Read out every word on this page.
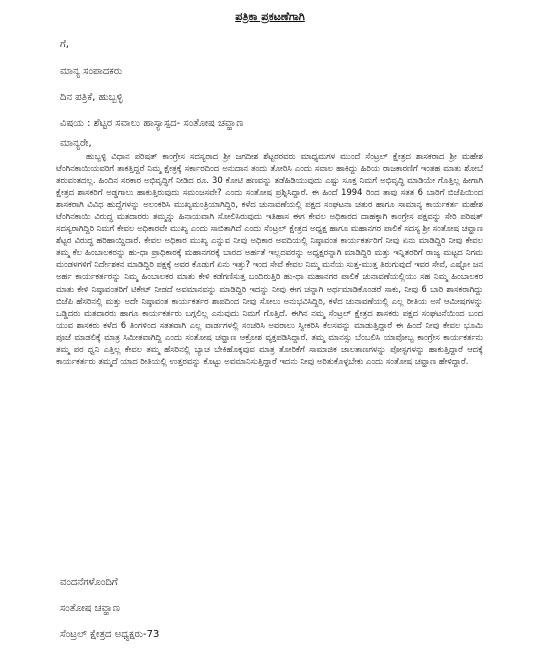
ಪತ್ರಿಕಾ ಪ್ರಕಟಣೆಗಾಗಿ
ಗೆ,
ಮಾನ್ಯ ಸಂಪಾದಕರು
ದಿನ ಪತ್ರಿಕೆ, ಹುಬ್ಬಳ್ಳಿ
ವಿಷಯ : ಶೆಟ್ಟರ ಸವಾಲು ಹಾಸ್ಯಾಸ್ಪದ- ಸಂತೋಷ ಚವ್ಹಾಣ
ಮಾನ್ಯರೇ,
ಹುಬ್ಬಳ್ಳಿ ವಿಧಾನ ಪರಿಷತ್ ಕಾಂಗ್ರೇಸ ಸದಸ್ಯರಾದ ಶ್ರೀ ಜಗದೀಶ ಶೆಟ್ಟರರವರು ಮಾಧ್ಯಮಗಳ ಮುಂದೆ ಸೆಂಟ್ರಲ್ ಕ್ಷೇತ್ರದ ಶಾಸಕರಾದ ಶ್ರೀ ಮಹೇಶ ಟೆಂಗಿನಕಾಯಿಯವರಿಗೆ ತಾಕತ್ತಿದ್ದರೆ ನಿಮ್ಮ ಕ್ಷೇತ್ರಕ್ಕೆ ಸರ್ಕಾರದಿಂದ ಅನುದಾನ ತಂದು ತೋರಿಸಿ ಎಂದು ಸವಾಲ ಹಾಕಿದ್ದು ಹಿರಿಯ ರಾಜಕಾರಣಿಗೆ ಇಂತಹ ಮಾತು ಶೋಬೆ ತರುವಂತದಲ್ಲ. ಹಿಂದಿನ ಸರಕಾರ ಅಭಿವೃದ್ಧಿಗೆ ನೀಡಿದ ರೂ. 30 ಕೋಟಿ ಹಣವನ್ನು ತಡೆಹಿಡಿಯುವುದು ಎಷ್ಟು ಸೂಕ್ತ ನಿಮಗೆ ಅಭಿವೃದ್ಧಿ ಮಾಡಿಯೇ ಗೊತ್ತಿಲ್ಲ ಹೀಗಾಗಿ ಕ್ಷೇತ್ರದ ಶಾಸಕರಿಗೆ ಅಡ್ಡಗಾಲು ಹಾಕುತ್ತಿರುವುದು ಸಮಂಜಸವೇ? ಎಂದು ಸಂತೋಷ ಪ್ರಶ್ನಿಸಿದ್ದಾರೆ. ಈ ಹಿಂದೆ 1994 ರಿಂದ ತಾವು ಸತತ 6 ಬಾರಿಗೆ ಬಿಜೆಪಿಯಿಂದ ಶಾಸಕರಾಗಿ ವಿವಿಧ ಹುದ್ದೆಗಳನ್ನು ಅಲಂಕರಿಸಿ ಮುಖ್ಯಮಂತ್ರಿಯಾಗಿದ್ದಿರಿ, ಕಳೆದ ಚುನಾವಣೆಯಲ್ಲಿ ಪಕ್ಷದ ಸಂಘಟನಾ ಚತುರ ಹಾಗೂ ಸಾಮಾನ್ಯ ಕಾರ್ಯಕರ್ತ ಮಹೇಶ ಟೆಂಗಿನಕಾಯಿ ವಿರುದ್ಧ ಮತದಾರರು ತಮ್ಮನ್ನು ಹಿನಾಯವಾಗಿ ಸೋಲಿಸಿರುವುದು ಇತಿಹಾಸ ಈಗ ಕೇವಲ ಅಧಿಕಾರದ ದಾಹಕ್ಕಾಗಿ ಕಾಂಗ್ರೇಸ ಪಕ್ಷವನ್ನು ಸೇರಿ ಪರಿಷತ್ ಸದಸ್ಯರಾಗಿದ್ದಿರಿ ನಿಮಗೆ ಕೇವಲ ಅಧಿಕಾರವೇ ಮುಖ್ಯ ಎಂದು ಸಾಬಿತಾಗಿದೆ ಎಂದು ಸೆಂಟ್ರಲ್ ಕ್ಷೇತ್ರದ ಅಧ್ಯಕ್ಷ ಹಾಗೂ ಮಹಾನಗರ ಪಾಲಿಕೆ ಸದಸ್ಯ ಶ್ರೀ ಸಂತೋಷ ಚವ್ಹಾಣ ಶೆಟ್ಟರ ವಿರುದ್ಧ ಹರಿಹಾಯ್ದಿದಾರೆ. ಕೇವಲ ಅಧಿಕಾರ ಮುಖ್ಯ ಎನ್ನುವ ನೀವು ಅಧಿಕಾರ ಅವದಿಯಲ್ಲಿ ನಿಷ್ಠಾವಂತ ಕಾರ್ಯಕರ್ತರಿಗೆ ನೀವು ಏನು ಮಾಡಿದ್ದಿರಿ ನೀವು ಕೇವಲ ತಮ್ಮ ಕೆಲ ಹಿಂಬಾಲಕರನ್ನು ಹು-ಧಾ ಪ್ರಾಧಿಕಾರಕ್ಕೆ ಮಹಾನಗರಕ್ಕೆ ಬಾರದ ಅರ್ಹತೆ ಇಲ್ಲದವರನ್ನು ಅಧ್ಯಕ್ಷರನ್ನಾಗಿ ಮಾಡಿದ್ದಿರಿ ಮತ್ತು ಇನ್ನಿತರರಿಗೆ ರಾಜ್ಯ ಮಟ್ಟದ ನಿಗಮ ಮಂಡಳಗಳಿಗೆ ನಿರ್ದೇಶಕನ ಮಾಡಿದ್ದಿರಿ ಪಕ್ಷಕ್ಕೆ ಅವರ ಕೊಡುಗೆ ಏನು ಇತ್ತು? ಇಂದ ಸೇವೆ ಕೇವಲ ನಿಮ್ಮ ಮನೆಯ ಸುತ್ತ-ಮುತ್ತ ತಿರುಗುವುದೆ ಇವರ ಸೇವೆ, ಎಷ್ಟೋ ಜನ ಅರ್ಹ ಕಾರ್ಯಕರ್ತರನ್ನು ನಿಮ್ಮ ಹಿಂಬಾಲಕರ ಮಾತು ಕೇಳಿ ಕಡೆಗಣಿಸುತ್ತ ಬಂದಿರುತ್ತಿರಿ ಹು-ಧಾ ಮಹಾನಗರ ಪಾಲಿಕೆ ಚುನಾವಣೆಯಲ್ಲಿಯು ಸಹ ನಿಮ್ಮ ಹಿಂಬಾಲಕರ ಮಾತು ಕೇಳಿ ನಿಷ್ಠಾವಂತರಿಗೆ ಟಿಕೇಟ್ ನೀಡದೆ ಅವಮಾನವನ್ನು ಮಾಡಿದ್ದಿರಿ ಇದನ್ನು ನೀವು ಈಗ ಚನ್ನಾಗಿ ಅರ್ಥಮಾಡಿಕೊಂಡರೆ ಸಾಕು, ನೀವು 6 ಬಾರಿ ಶಾಸಕರಾಗಿದ್ದು ಬಿಜೆಪಿ ಹೆಸರಿನಲ್ಲಿ ಮತ್ತು ಅದೇ ನಿಷ್ಠಾವಂತ ಕಾರ್ಯಕರ್ತರ ಶಾಪದಿಂದ ನೀವು ಸೋಲು ಅನುಭವಿಸಿದ್ದಿರಿ, ಕಳೆದ ಚುನಾವಣೆಯಲ್ಲಿ ಎಲ್ಲ ರೀತಿಯ ಅಸೆ ಆಮೀಷಗಳನ್ನು ಒಡ್ಡಿದರು ಮತದಾರರು ಹಾಗೂ ಕಾರ್ಯಕರ್ತರು ಬಗ್ಗಲಿಲ್ಲ ಎನುವುದು ನಿಮಗೆ ಗೊತ್ತಿದೆ. ಈಗಿನ ನಮ್ಮ ಸೆಂಟ್ರಲ್ ಕ್ಷೇತ್ರದ ಶಾಸಕರು ಪಕ್ಷದ ಸಂಘಟನೆಯಿಂದ ಬಂದ ಯುವ ಶಾಸಕರು ಕಳೆದ 6 ತಿಂಗಳಿಂದ ಸತತವಾಗಿ ಎಲ್ಲ ವಾರ್ಡಗಳಲ್ಲಿ ಸಂಚರಿಸಿ ಅವರಾಲು ಸ್ವೀಕರಿಸಿ ಕೆಲಸವನ್ನು ಮಾಡುತ್ತಿದ್ದಾರೆ ಈ ಹಿಂದೆ ನೀವು ಕೇವಲ ಭೂಮಿ ಪೂಜೆ ಮಾಡಲಿಕ್ಕೆ ಮಾತ್ರ ಸಿಮೀತವಾಗಿದ್ದಿ ಎಂದು ಸಂತೋಷ ಚವ್ಹಾಣ ಆಕ್ರೋಶ ವ್ಯಕ್ತಪಡಿಸಿದ್ದಾರೆ. ತಮ್ಮ ಮಾನಸ್ಸು ಬೆಂಬಲಿಸಿ ಯಾವೋಬ್ಬ ಕಾಂಗ್ರೇಸ ಕಾರ್ಯಕರ್ತನು ತಮ್ಮ ಪರ ಧ್ವನಿ ಎತ್ತಿಲ್ಲ ಕೇವಲ ತಮ್ಮ ಹೆಸರಿನಲ್ಲಿ ಬ್ಯಾಚ ಬೇಕಿಹೊಕ್ಕವುವ ಮಾತ್ರ ತೋರಿಕೆಗೆ ಸಾಮಾಜಿಕ ಜಾಲತಾಣಗಳನ್ನು ಪೋಸ್ಟಗಳನ್ನು ಹಾಕುತ್ತಿದ್ದಾರೆ ಆದಕ್ಕೆ ಕಾರ್ಯಕರ್ತರು ತಮ್ಮದೆ ಯಾದ ರೀತಿಯಲ್ಲಿ ಉತ್ತರವನ್ನು ಕೊಟ್ಟು ಅವಮಾನಿಸುತ್ತಿದ್ದಾರೆ ಇದನು ನೀವು ಅರಿತುಕೊಳ್ಳಬೇಕು ಎಂದು ಸಂತೋಷ ಚವ್ಹಾಣ ಹೇಳಿದ್ದಾರೆ.
ವಂದನೆಗಳೊಂದಿಗೆ
ಸಂತೋಷ ಚವ್ಹಾಣ
ಸೆಂಟ್ರಲ್ ಕ್ಷೇತ್ರದ ಅಧ್ಯಕ್ಷರು-73
